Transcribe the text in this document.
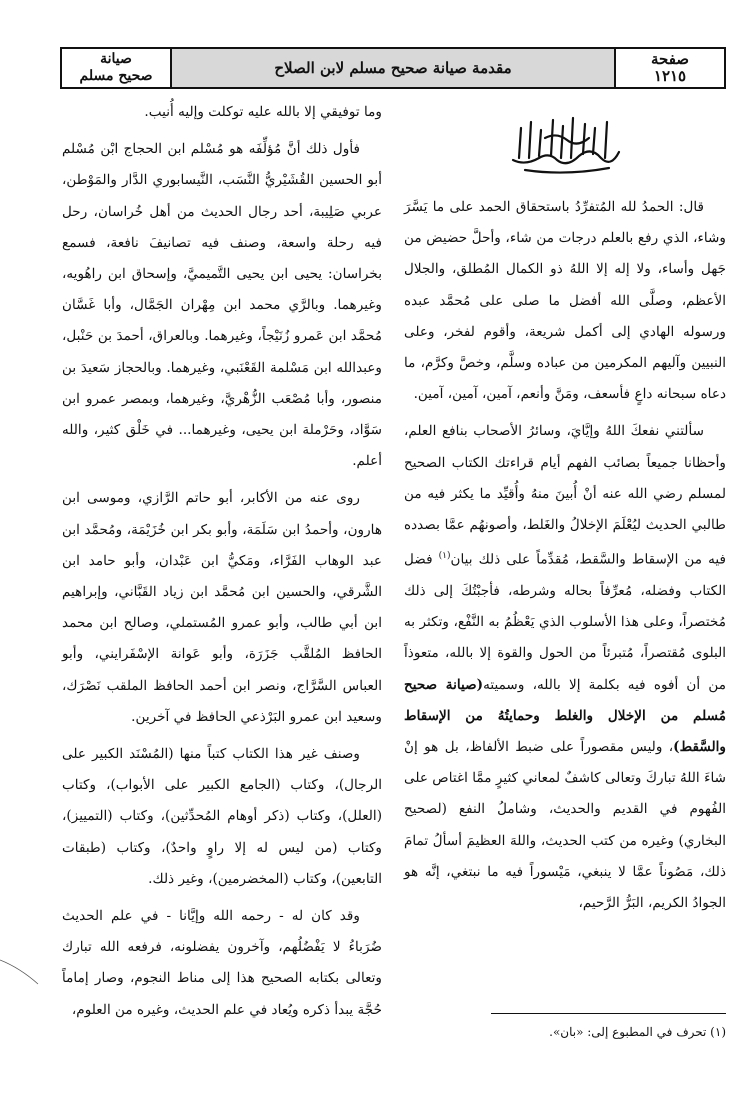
صفحة
١٢١٥
مقدمة صيانة صحيح مسلم لابن الصلاح
صيانة
صحيح مسلم

قال: الحمدُ لله المُتفرِّدُ باستحقاق الحمد على ما يَسَّرَ وشاء، الذي رفع بالعلم درجات من شاء، وأحلَّ حضيض من جَهل وأساء، ولا إله إلا اللهُ ذو الكمال المُطلق، والجلال الأعظم، وصلَّى الله أفضل ما صلى على مُحمَّد عبده ورسوله الهادي إلى أكمل شريعة، وأقوم لفخر، وعلى النبيين وآليهم المكرمين من عباده وسلَّم، وخصَّ وكرَّم، ما دعاه سبحانه داعٍ فأسعف، ومَنَّ وأنعم، آمين، آمين، آمين.

سألتني نفعكَ اللهُ وإيَّايَ، وسائرُ الأصحاب بنافع العلم، وأحظانا جميعاً بصائب الفهم أيام قراءتك الكتاب الصحيح لمسلم رضي الله عنه أنْ أُبينَ منهُ وأُقيِّد ما يكثر فيه من طالبي الحديث ليُعْلَمَ الإخلالُ والغَلط، وأصونهُم عمَّا بصدده فيه من الإسقاط والسَّقط، مُقدِّماً على ذلك بيان$^{(١)}$ فضل الكتاب وفضله، مُعرِّفاً بحاله وشرطه، فأجبْتُكَ إلى ذلك مُختصراً، وعلى هذا الأسلوب الذي يَعْظُمُ به النَّفْع، وتكثر به البلوى مُقتصراً، مُتبرئاً من الحول والقوة إلا بالله، متعوذاً من أن أفوه فيه بكلمة إلا بالله، وسميته(صيانة صحيح مُسلم من الإخلال والغلط وحمايتُهُ من الإسقاط والسَّقط)، وليس مقصوراً على ضبط الألفاظ، بل هو إنْ شاءَ اللهُ تباركَ وتعالى كاشفٌ لمعاني كثيرٍ ممَّا اغتاص على الفُهوم في القديم والحديث، وشاملُ النفع (لصحيح البخاري) وغيره من كتب الحديث، واللهَ العظيمَ أسألُ تمامَ ذلك، مَصُوناً عمَّا لا ينبغي، مَيْسوراً فيه ما نبتغي، إنَّه هو الجوادُ الكريم، البَرُّ الرَّحيم،

وما توفيقي إلا بالله عليه توكلت وإليه أُنيب.

فأول ذلك أنَّ مُؤلِّفَه هو مُسْلم ابن الحجاج ابْن مُسْلم أبو الحسين القُشَيْريُّ النَّسَب، النَّيسابوري الدَّار والمَوْطن، عربي صَلِيبة، أحد رجال الحديث من أهل خُراسان، رحل فيه رحلة واسعة، وصنف فيه تصانيفَ نافعة، فسمع بخراسان: يحيى ابن يحيى التَّميميَّ، وإسحاق ابن راهُويه، وغيرهما. وبالرَّي محمد ابن مِهْران الجَمَّال، وأبا غَسَّان مُحمَّد ابن عَمرو زُنَيْجاً، وغيرهما. وبالعراق، أحمدَ بن حَنْبل، وعبدالله ابن مَسْلمة القَعْنَبي، وغيرهما. وبالحجاز سَعيدَ بن منصور، وأبا مُصْعَب الزُّهْريَّ، وغيرهما، وبمصر عمرو ابن سَوَّاد، وحَرْملة ابن يحيى، وغيرهما... في خَلْق كثير، والله أعلم.

روى عنه من الأكابر، أبو حاتم الرَّازي، وموسى ابن هارون، وأحمدُ ابن سَلَمَة، وأبو بكر ابن خُزَيْمَة، ومُحمَّد ابن عبد الوهاب الفَرَّاء، ومَكيُّ ابن عَبْدان، وأبو حامد ابن الشَّرقي، والحسين ابن مُحمَّد ابن زياد القَبَّاني، وإبراهيم ابن أبي طالب، وأبو عمرو المُستملي، وصالح ابن محمد الحافظ المُلقَّب جَزَرَة، وأبو عَوانة الإسْفَرايني، وأبو العباس السَّرَّاج، ونصر ابن أحمد الحافظ الملقب نَصْرَك، وسعيد ابن عمرو البَرْذعي الحافظ في آخرين.

وصنف غير هذا الكتاب كتباً منها (المُسْنَد الكبير على الرجال)، وكتاب (الجامع الكبير على الأبواب)، وكتاب (العلل)، وكتاب (ذكر أوهام المُحدِّثين)، وكتاب (التمييز)، وكتاب (من ليس له إلا راوٍ واحدٌ)، وكتاب (طبقات التابعين)، وكتاب (المخضرمين)، وغير ذلك.

وقد كان له - رحمه الله وإيَّانا - في علم الحديث ضُرَباءُ لا يَفْضُلُهم، وآخرون يفضلونه، فرفعه الله تبارك وتعالى بكتابه الصحيح هذا إلى مناط النجوم، وصار إماماً حُجَّة يبدأ ذكره ويُعاد في علم الحديث، وغيره من العلوم،

(١) تحرف في المطبوع إلى: «بان».
